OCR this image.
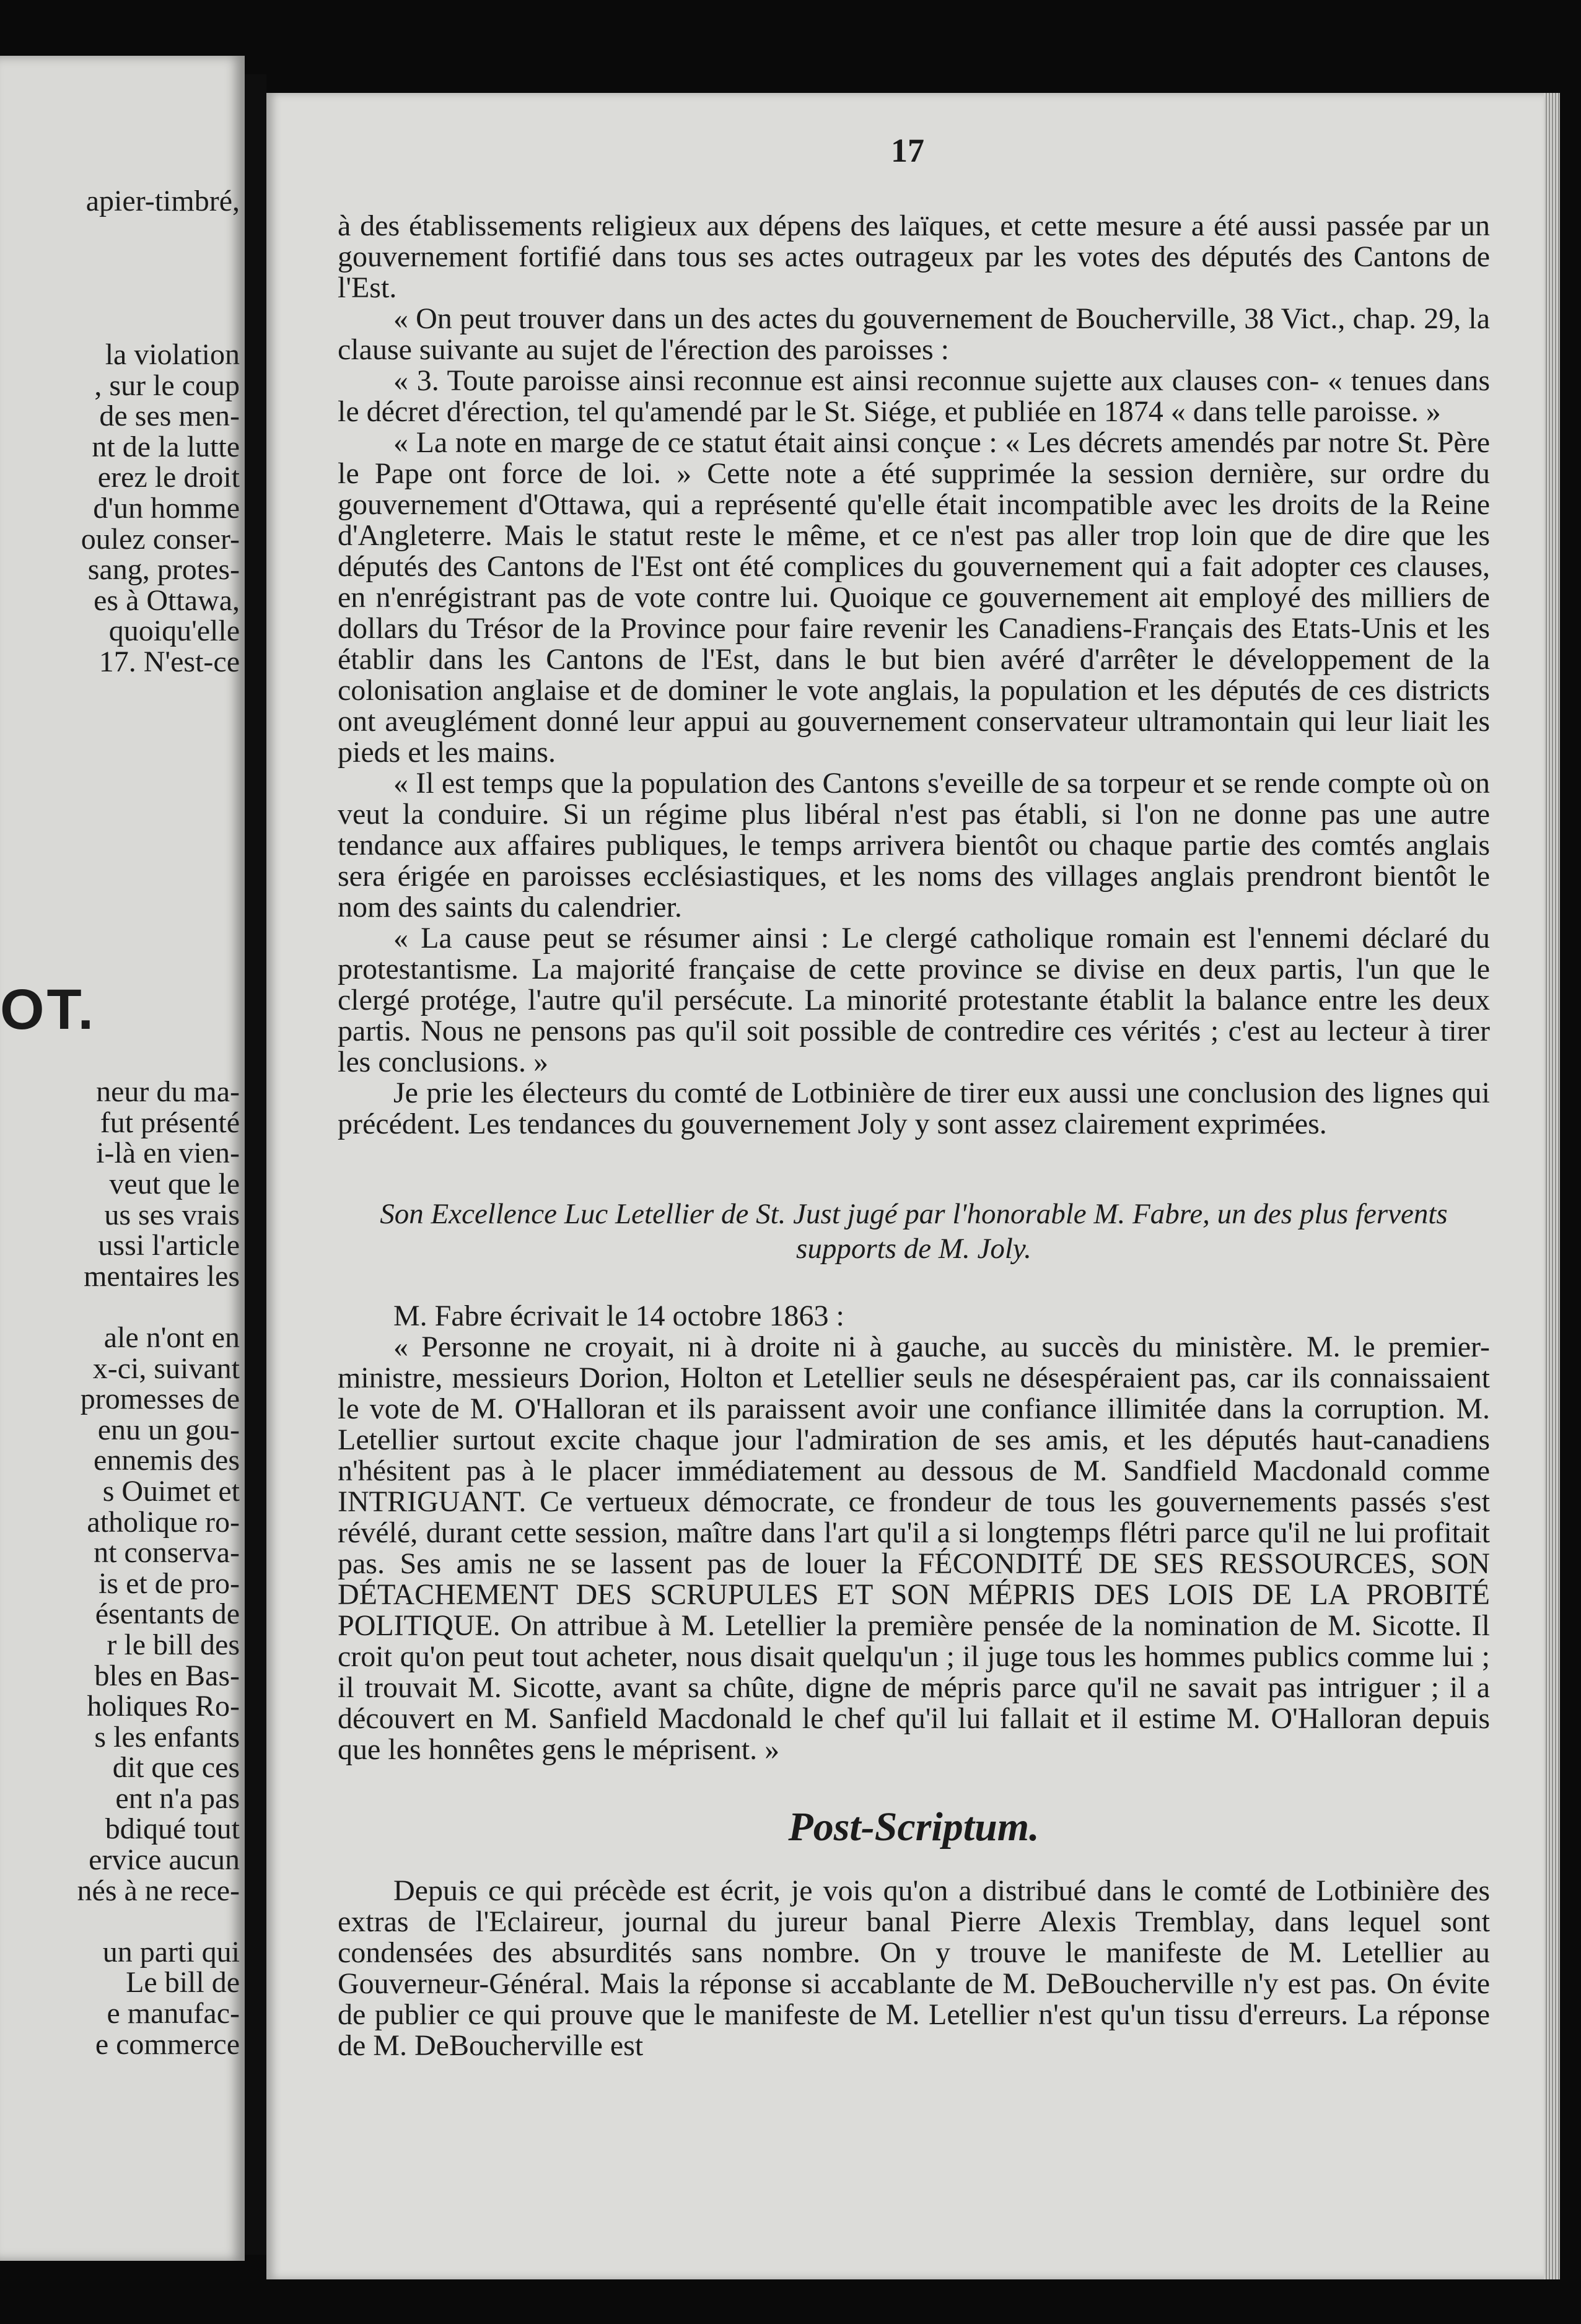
apier-timbré,

la violation
, sur le coup
de ses men-
nt de la lutte
erez le droit
d'un homme
oulez conser-
sang, protes-
es à Ottawa,
quoiqu'elle
17. N'est-ce

neur du ma-
fut présenté
i-là en vien-
veut que le
us ses vrais
ussi l'article
mentaires les

ale n'ont en
x-ci, suivant
promesses de
enu un gou-
ennemis des
s Ouimet et
atholique ro-
nt conserva-
is et de pro-
ésentants de
r le bill des
bles en Bas-
holiques Ro-
s les enfants
dit que ces
ent n'a pas
bdiqué tout
ervice aucun
nés à ne rece-

un parti qui
Le bill de
e manufac-
e commerce
OT.
17

à des établissements religieux aux dépens des laïques, et cette mesure a été aussi passée par un gouvernement fortifié dans tous ses actes outrageux par les votes des députés des Cantons de l'Est.

« On peut trouver dans un des actes du gouvernement de Boucherville, 38 Vict., chap. 29, la clause suivante au sujet de l'érection des paroisses :

« 3. Toute paroisse ainsi reconnue est ainsi reconnue sujette aux clauses con- « tenues dans le décret d'érection, tel qu'amendé par le St. Siége, et publiée en 1874 « dans telle paroisse. »

« La note en marge de ce statut était ainsi conçue : « Les décrets amendés par notre St. Père le Pape ont force de loi. » Cette note a été supprimée la session dernière, sur ordre du gouvernement d'Ottawa, qui a représenté qu'elle était incompatible avec les droits de la Reine d'Angleterre. Mais le statut reste le même, et ce n'est pas aller trop loin que de dire que les députés des Cantons de l'Est ont été complices du gouvernement qui a fait adopter ces clauses, en n'enrégistrant pas de vote contre lui. Quoique ce gouvernement ait employé des milliers de dollars du Trésor de la Province pour faire revenir les Canadiens-Français des Etats-Unis et les établir dans les Cantons de l'Est, dans le but bien avéré d'arrêter le développement de la colonisation anglaise et de dominer le vote anglais, la population et les députés de ces districts ont aveuglément donné leur appui au gouvernement conservateur ultramontain qui leur liait les pieds et les mains.

« Il est temps que la population des Cantons s'eveille de sa torpeur et se rende compte où on veut la conduire. Si un régime plus libéral n'est pas établi, si l'on ne donne pas une autre tendance aux affaires publiques, le temps arrivera bientôt ou chaque partie des comtés anglais sera érigée en paroisses ecclésiastiques, et les noms des villages anglais prendront bientôt le nom des saints du calendrier.

« La cause peut se résumer ainsi : Le clergé catholique romain est l'ennemi déclaré du protestantisme. La majorité française de cette province se divise en deux partis, l'un que le clergé protége, l'autre qu'il persécute. La minorité protestante établit la balance entre les deux partis. Nous ne pensons pas qu'il soit possible de contredire ces vérités ; c'est au lecteur à tirer les conclusions. »

Je prie les électeurs du comté de Lotbinière de tirer eux aussi une conclusion des lignes qui précédent. Les tendances du gouvernement Joly y sont assez clairement exprimées.

Son Excellence Luc Letellier de St. Just jugé par l'honorable M. Fabre, un des plus fervents supports de M. Joly.

M. Fabre écrivait le 14 octobre 1863 :

« Personne ne croyait, ni à droite ni à gauche, au succès du ministère. M. le premier-ministre, messieurs Dorion, Holton et Letellier seuls ne désespéraient pas, car ils connaissaient le vote de M. O'Halloran et ils paraissent avoir une confiance illimitée dans la corruption. M. Letellier surtout excite chaque jour l'admiration de ses amis, et les députés haut-canadiens n'hésitent pas à le placer immédiatement au dessous de M. Sandfield Macdonald comme INTRIGUANT. Ce vertueux démocrate, ce frondeur de tous les gouvernements passés s'est révélé, durant cette session, maître dans l'art qu'il a si longtemps flétri parce qu'il ne lui profitait pas. Ses amis ne se lassent pas de louer la FÉCONDITÉ DE SES RESSOURCES, SON DÉTACHEMENT DES SCRUPULES ET SON MÉPRIS DES LOIS DE LA PROBITÉ POLITIQUE. On attribue à M. Letellier la première pensée de la nomination de M. Sicotte. Il croit qu'on peut tout acheter, nous disait quelqu'un ; il juge tous les hommes publics comme lui ; il trouvait M. Sicotte, avant sa chûte, digne de mépris parce qu'il ne savait pas intriguer ; il a découvert en M. Sanfield Macdonald le chef qu'il lui fallait et il estime M. O'Halloran depuis que les honnêtes gens le méprisent. »

Post-Scriptum.

Depuis ce qui précède est écrit, je vois qu'on a distribué dans le comté de Lotbinière des extras de l'Eclaireur, journal du jureur banal Pierre Alexis Tremblay, dans lequel sont condensées des absurdités sans nombre. On y trouve le manifeste de M. Letellier au Gouverneur-Général. Mais la réponse si accablante de M. DeBoucherville n'y est pas. On évite de publier ce qui prouve que le manifeste de M. Letellier n'est qu'un tissu d'erreurs. La réponse de M. DeBoucherville est
